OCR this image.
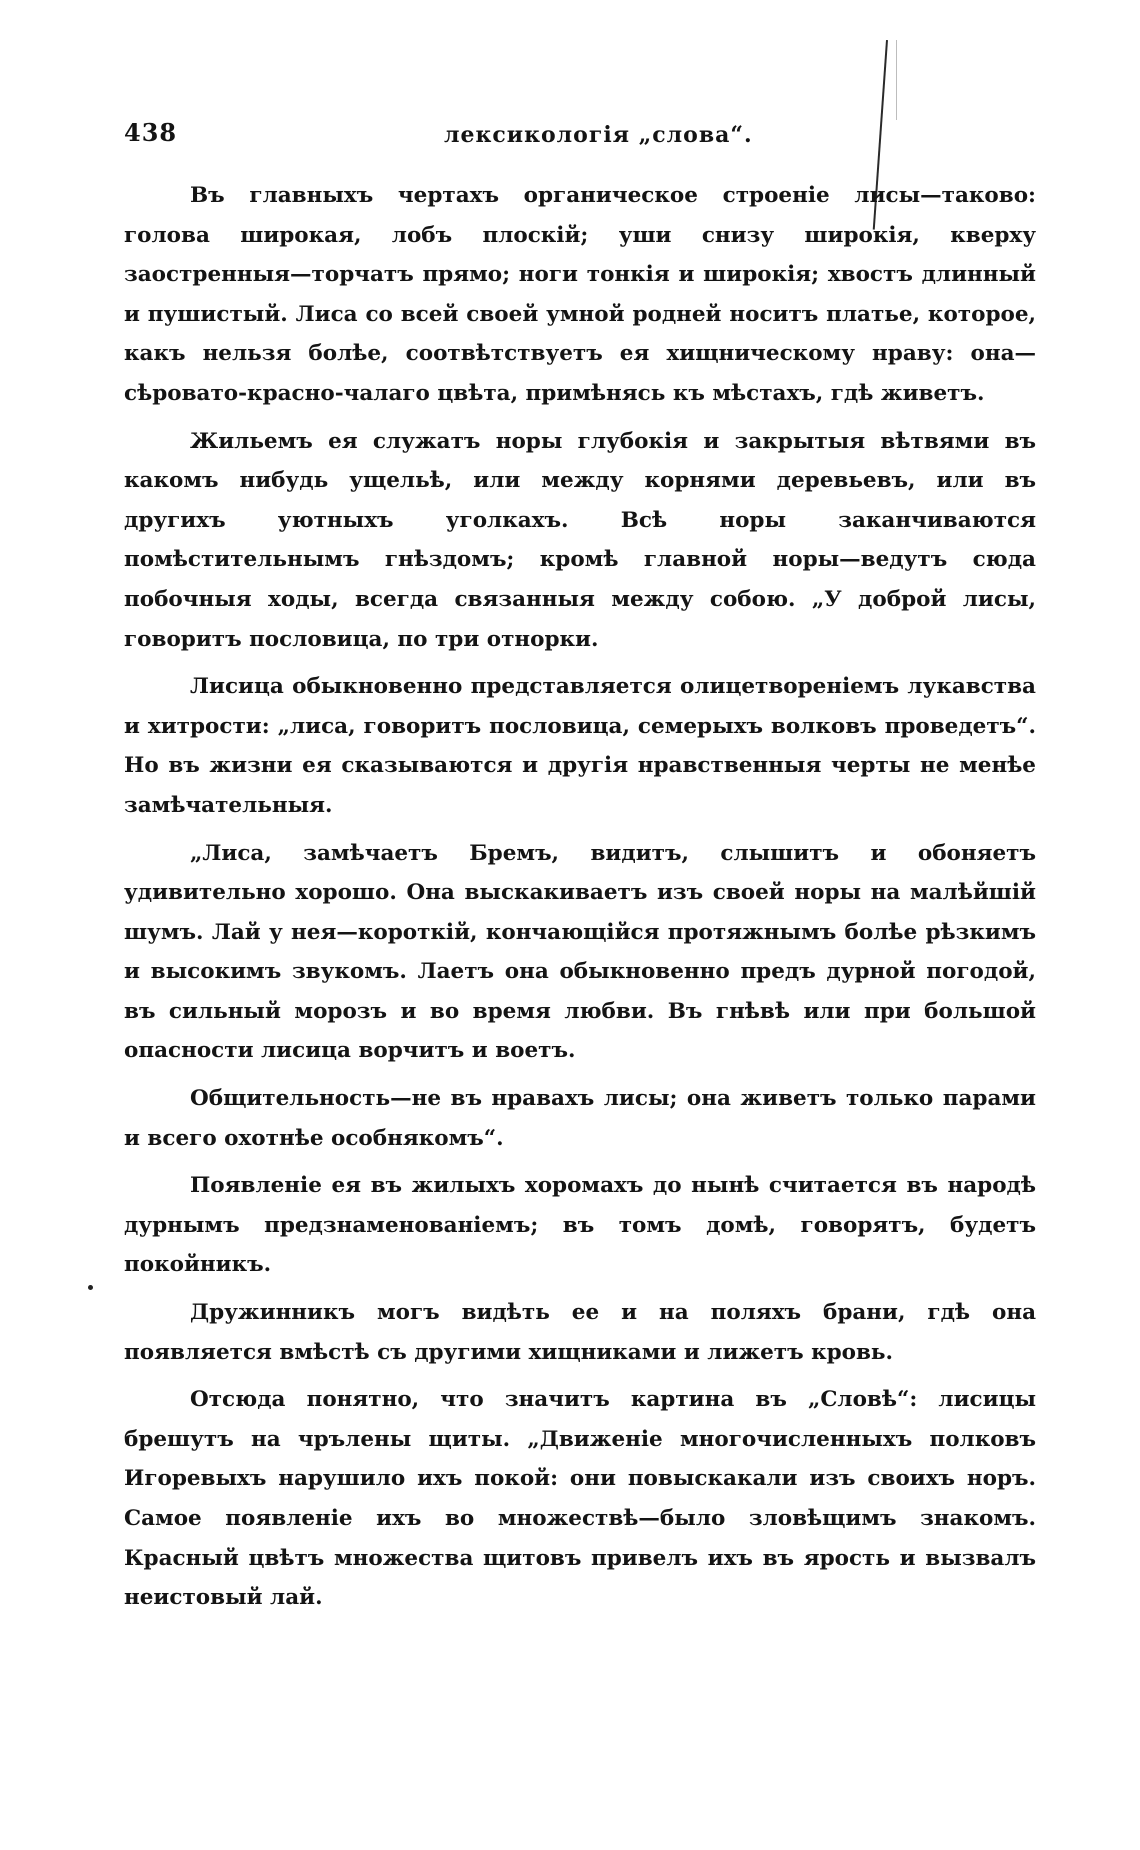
438	лексикологія „слова“.

Въ главныхъ чертахъ органическое строеніе лисы—таково: голова широкая, лобъ плоскій; уши снизу широкія, кверху заостренныя—торчатъ прямо; ноги тонкія и широкія; хвостъ длинный и пушистый. Лиса со всей своей умной родней носитъ платье, которое, какъ нельзя болѣе, соотвѣтствуетъ ея хищническому нраву: она—сѣровато-красно-чалаго цвѣта, примѣнясь къ мѣстахъ, гдѣ живетъ.

Жильемъ ея служатъ норы глубокія и закрытыя вѣтвями въ какомъ нибудь ущельѣ, или между корнями деревьевъ, или въ другихъ уютныхъ уголкахъ. Всѣ норы заканчиваются помѣстительнымъ гнѣздомъ; кромѣ главной норы—ведутъ сюда побочныя ходы, всегда связанныя между собою. „У доброй лисы, говоритъ пословица, по три отнорки.

Лисица обыкновенно представляется олицетвореніемъ лукавства и хитрости: „лиса, говоритъ пословица, семерыхъ волковъ проведетъ“. Но въ жизни ея сказываются и другія нравственныя черты не менѣе замѣчательныя.

„Лиса, замѣчаетъ Бремъ, видитъ, слышитъ и обоняетъ удивительно хорошо. Она выскакиваетъ изъ своей норы на малѣйшій шумъ. Лай у нея—короткій, кончающійся протяжнымъ болѣе рѣзкимъ и высокимъ звукомъ. Лаетъ она обыкновенно предъ дурной погодой, въ сильный морозъ и во время любви. Въ гнѣвѣ или при большой опасности лисица ворчитъ и воетъ.

Общительность—не въ нравахъ лисы; она живетъ только парами и всего охотнѣе особнякомъ“.

Появленіе ея въ жилыхъ хоромахъ до нынѣ считается въ народѣ дурнымъ предзнаменованіемъ; въ томъ домѣ, говорятъ, будетъ покойникъ.

Дружинникъ могъ видѣть ее и на поляхъ брани, гдѣ она появляется вмѣстѣ съ другими хищниками и лижетъ кровь.

Отсюда понятно, что значитъ картина въ „Словѣ“: лисицы брешутъ на чрълены щиты. „Движеніе многочисленныхъ полковъ Игоревыхъ нарушило ихъ покой: они повыскакали изъ своихъ норъ. Самое появленіе ихъ во множествѣ—было зловѣщимъ знакомъ. Красный цвѣтъ множества щитовъ привелъ ихъ въ ярость и вызвалъ неистовый лай.
